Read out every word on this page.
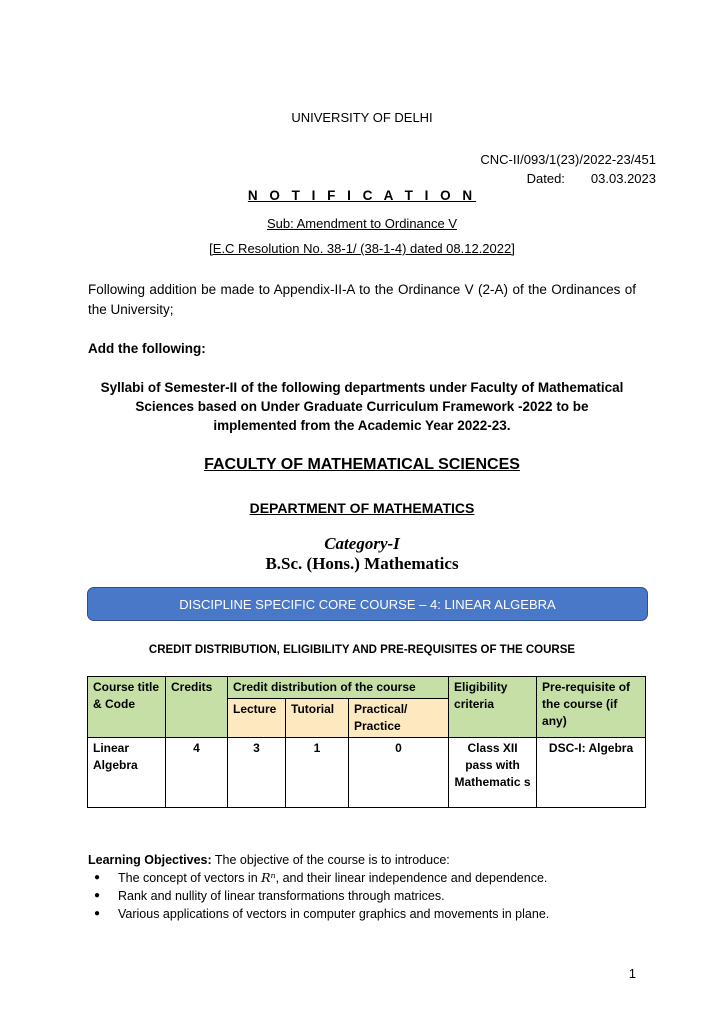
UNIVERSITY OF DELHI
CNC-II/093/1(23)/2022-23/451
Dated: 03.03.2023
N O T I F I C A T I O N
Sub: Amendment to Ordinance V
[E.C Resolution No. 38-1/ (38-1-4) dated 08.12.2022]
Following addition be made to Appendix-II-A to the Ordinance V (2-A) of the Ordinances of the University;
Add the following:
Syllabi of Semester-II of the following departments under Faculty of Mathematical
Sciences based on Under Graduate Curriculum Framework -2022 to be
implemented from the Academic Year 2022-23.
FACULTY OF MATHEMATICAL SCIENCES
DEPARTMENT OF MATHEMATICS
Category-I
B.Sc. (Hons.) Mathematics
DISCIPLINE SPECIFIC CORE COURSE – 4: LINEAR ALGEBRA
CREDIT DISTRIBUTION, ELIGIBILITY AND PRE-REQUISITES OF THE COURSE
Course title & Code	Credits	Credit distribution of the course			Eligibility criteria	Pre-requisite of the course (if any)
		Lecture	Tutorial	Practical/ Practice		
Linear Algebra	4	3	1	0	Class XII pass with Mathematic s	DSC-I: Algebra
Learning Objectives: The objective of the course is to introduce:
● The concept of vectors in Rⁿ, and their linear independence and dependence.
● Rank and nullity of linear transformations through matrices.
● Various applications of vectors in computer graphics and movements in plane.
1
